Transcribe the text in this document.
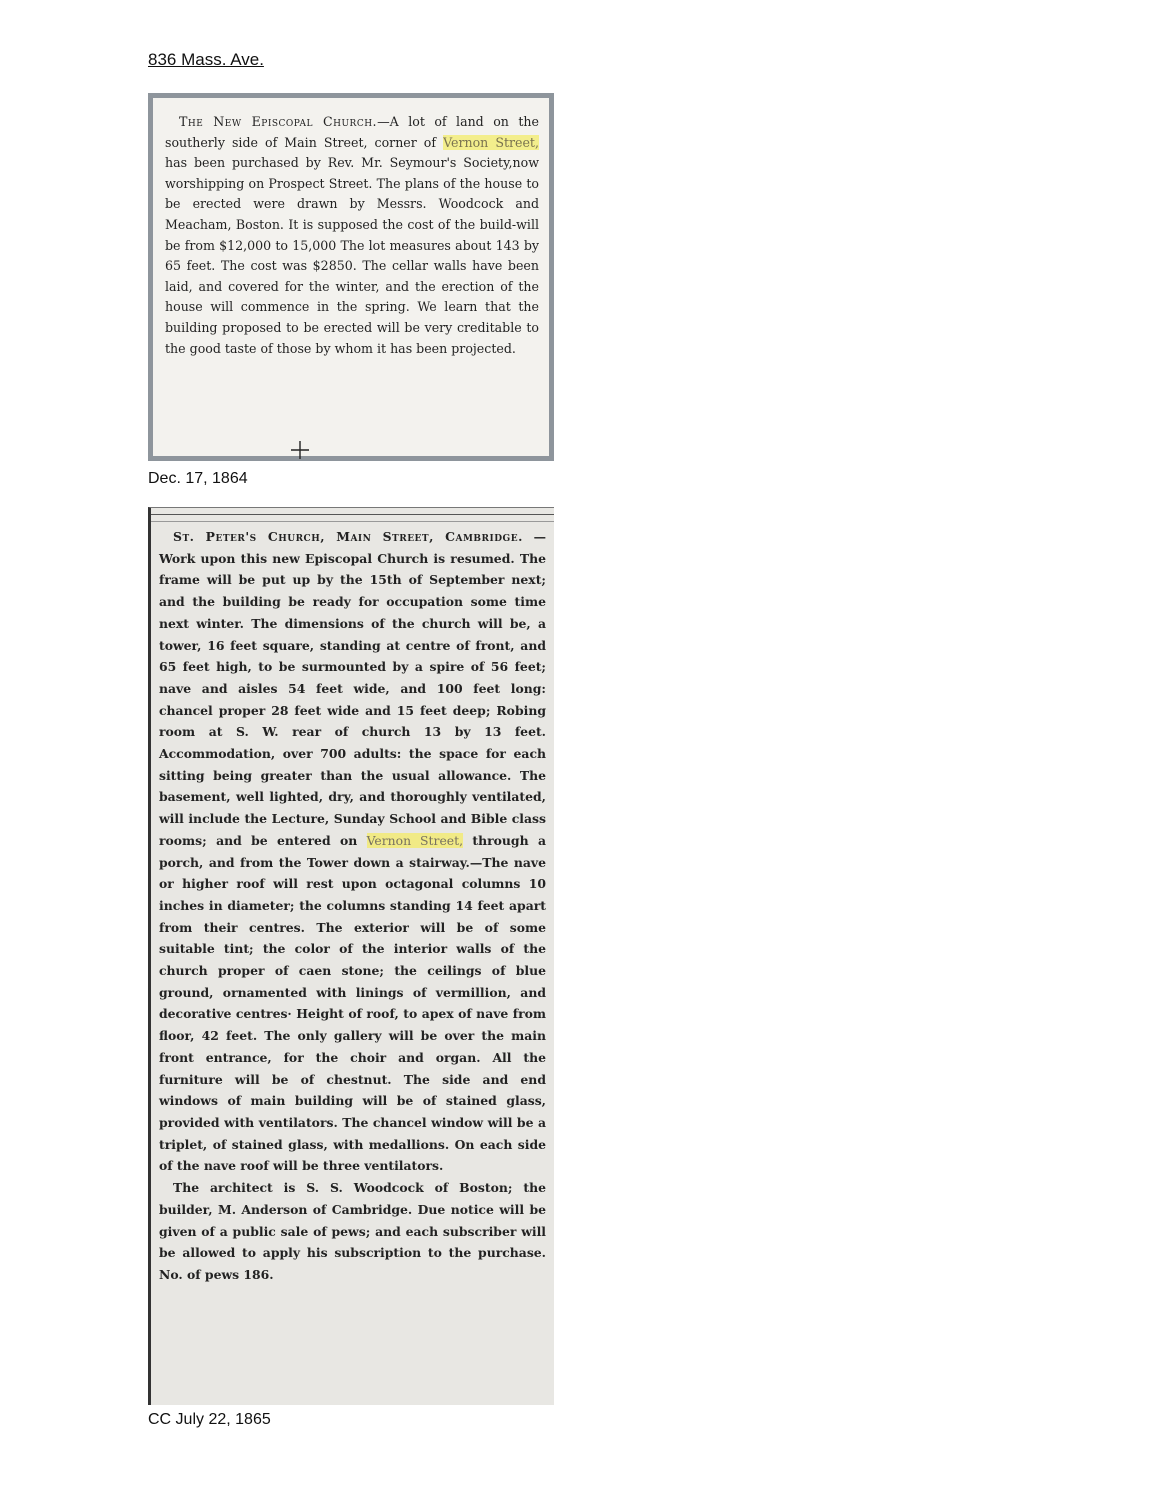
836 Mass. Ave.

The New Episcopal Church.—A lot of land on the southerly side of Main Street, corner of Vernon Street, has been purchased by Rev. Mr. Seymour's Society,now worshipping on Prospect Street. The plans of the house to be erected were drawn by Messrs. Woodcock and Meacham, Boston. It is supposed the cost of the build-will be from $12,000 to 15,000 The lot measures about 143 by 65 feet. The cost was $2850. The cellar walls have been laid, and covered for the winter, and the erection of the house will commence in the spring. We learn that the building proposed to be erected will be very creditable to the good taste of those by whom it has been projected.

Dec. 17, 1864

St. Peter's Church, Main Street, Cambridge. — Work upon this new Episcopal Church is resumed. The frame will be put up by the 15th of September next; and the building be ready for occupation some time next winter. The dimensions of the church will be, a tower, 16 feet square, standing at centre of front, and 65 feet high, to be surmounted by a spire of 56 feet; nave and aisles 54 feet wide, and 100 feet long: chancel proper 28 feet wide and 15 feet deep; Robing room at S. W. rear of church 13 by 13 feet. Accommodation, over 700 adults: the space for each sitting being greater than the usual allowance. The basement, well lighted, dry, and thoroughly ventilated, will include the Lecture, Sunday School and Bible class rooms; and be entered on Vernon Street, through a porch, and from the Tower down a stairway.—The nave or higher roof will rest upon octagonal columns 10 inches in diameter; the columns standing 14 feet apart from their centres. The exterior will be of some suitable tint; the color of the interior walls of the church proper of caen stone; the ceilings of blue ground, ornamented with linings of vermillion, and decorative centres· Height of roof, to apex of nave from floor, 42 feet. The only gallery will be over the main front entrance, for the choir and organ. All the furniture will be of chestnut. The side and end windows of main building will be of stained glass, provided with ventilators. The chancel window will be a triplet, of stained glass, with medallions. On each side of the nave roof will be three ventilators.

The architect is S. S. Woodcock of Boston; the builder, M. Anderson of Cambridge. Due notice will be given of a public sale of pews; and each subscriber will be allowed to apply his subscription to the purchase. No. of pews 186.

CC July 22, 1865
